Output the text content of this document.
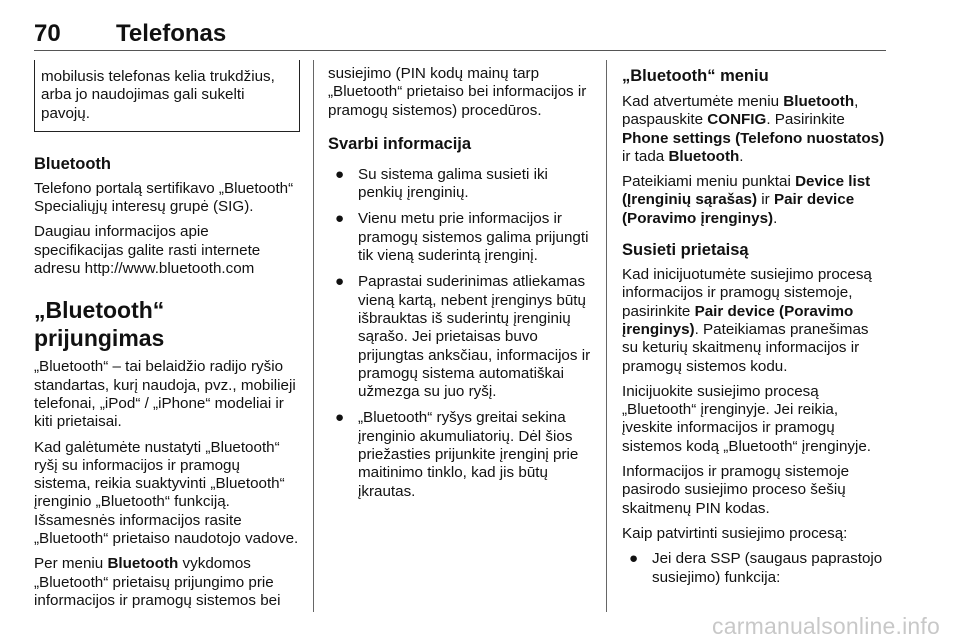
70 Telefonas
mobilusis telefonas kelia trukdžius, arba jo naudojimas gali sukelti pavojų.
Bluetooth

Telefono portalą sertifikavo „Bluetooth“ Specialiųjų interesų grupė (SIG).

Daugiau informacijos apie specifikacijas galite rasti internete adresu http://www.bluetooth.com

„Bluetooth“ prijungimas

„Bluetooth“ – tai belaidžio radijo ryšio standartas, kurį naudoja, pvz., mobilieji telefonai, „iPod“ / „iPhone“ modeliai ir kiti prietaisai.

Kad galėtumėte nustatyti „Bluetooth“ ryšį su informacijos ir pramogų sistema, reikia suaktyvinti „Bluetooth“ įrenginio „Bluetooth“ funkciją. Išsamesnės informacijos rasite „Bluetooth“ prietaiso naudotojo vadove.

Per meniu Bluetooth vykdomos „Bluetooth“ prietaisų prijungimo prie informacijos ir pramogų sistemos bei

susiejimo (PIN kodų mainų tarp „Bluetooth“ prietaiso bei informacijos ir pramogų sistemos) procedūros.

Svarbi informacija
● Su sistema galima susieti iki penkių įrenginių.
● Vienu metu prie informacijos ir pramogų sistemos galima prijungti tik vieną suderintą įrenginį.
● Paprastai suderinimas atliekamas vieną kartą, nebent įrenginys būtų išbrauktas iš suderintų įrenginių sąrašo. Jei prietaisas buvo prijungtas anksčiau, informacijos ir pramogų sistema automatiškai užmezga su juo ryšį.
● „Bluetooth“ ryšys greitai sekina įrenginio akumuliatorių. Dėl šios priežasties prijunkite įrenginį prie maitinimo tinklo, kad jis būtų įkrautas.
„Bluetooth“ meniu

Kad atvertumėte meniu Bluetooth, paspauskite CONFIG. Pasirinkite Phone settings (Telefono nuostatos) ir tada Bluetooth.

Pateikiami meniu punktai Device list (Įrenginių sąrašas) ir Pair device (Poravimo įrenginys).

Susieti prietaisą

Kad inicijuotumėte susiejimo procesą informacijos ir pramogų sistemoje, pasirinkite Pair device (Poravimo įrenginys). Pateikiamas pranešimas su keturių skaitmenų informacijos ir pramogų sistemos kodu.

Inicijuokite susiejimo procesą „Bluetooth“ įrenginyje. Jei reikia, įveskite informacijos ir pramogų sistemos kodą „Bluetooth“ įrenginyje.

Informacijos ir pramogų sistemoje pasirodo susiejimo proceso šešių skaitmenų PIN kodas.

Kaip patvirtinti susiejimo procesą:

● Jei dera SSP (saugaus paprastojo susiejimo) funkcija:
carmanualsonline.info
